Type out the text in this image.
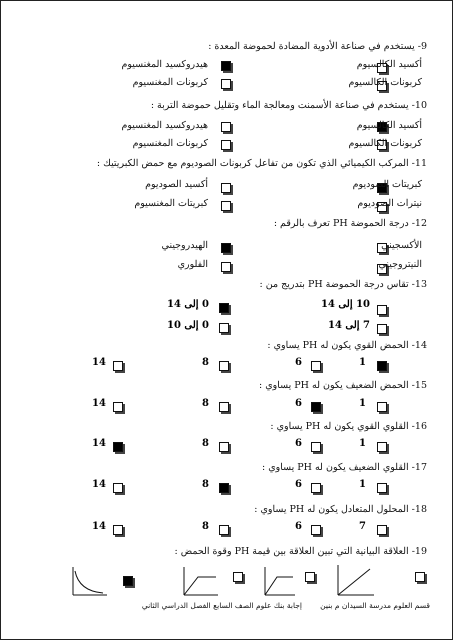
9- يستخدم في صناعة الأدوية المضادة لحموضة المعدة :
هيدروكسيد المغنسيوم	أكسيد الكالسيوم
كربونات المغنسيوم	كربونات الكالسيوم
10- يستخدم في صناعة الأسمنت ومعالجة الماء وتقليل حموضة التربة :
هيدروكسيد المغنسيوم	أكسيد الكالسيوم
كربونات المغنسيوم	كربونات الكالسيوم
11- المركب الكيميائي الذي تكون من تفاعل كربونات الصوديوم مع حمض الكبريتيك :
أكسيد الصوديوم	كبريتات الصوديوم
كبريتات المغنسيوم	نيترات الصوديوم
12- درجة الحموضة PH تعرف بالرقم :
الهيدروجيني	الأكسجيني
الفلوري	النيتروجيني
13- تقاس درجة الحموضة PH بتدريج من :
0 إلى 14	10 إلى 14
0 إلى 10	7 إلى 14
14- الحمض القوي يكون له PH يساوي :
1
6
8
14
15- الحمض الضعيف يكون له PH يساوي :
1
6
8
14
16- القلوي القوي يكون له PH يساوي :
1
6
8
14
17- القلوي الضعيف يكون له PH يساوي :
1
6
8
14
18- المحلول المتعادل يكون له PH يساوي :
7
6
8
14
19- العلاقة البيانية التي تبين العلاقة بين قيمة PH وقوة الحمض :
قسم العلوم مدرسة السيدان م بنين
إجابة بنك علوم الصف السابع الفصل الدراسي الثاني
